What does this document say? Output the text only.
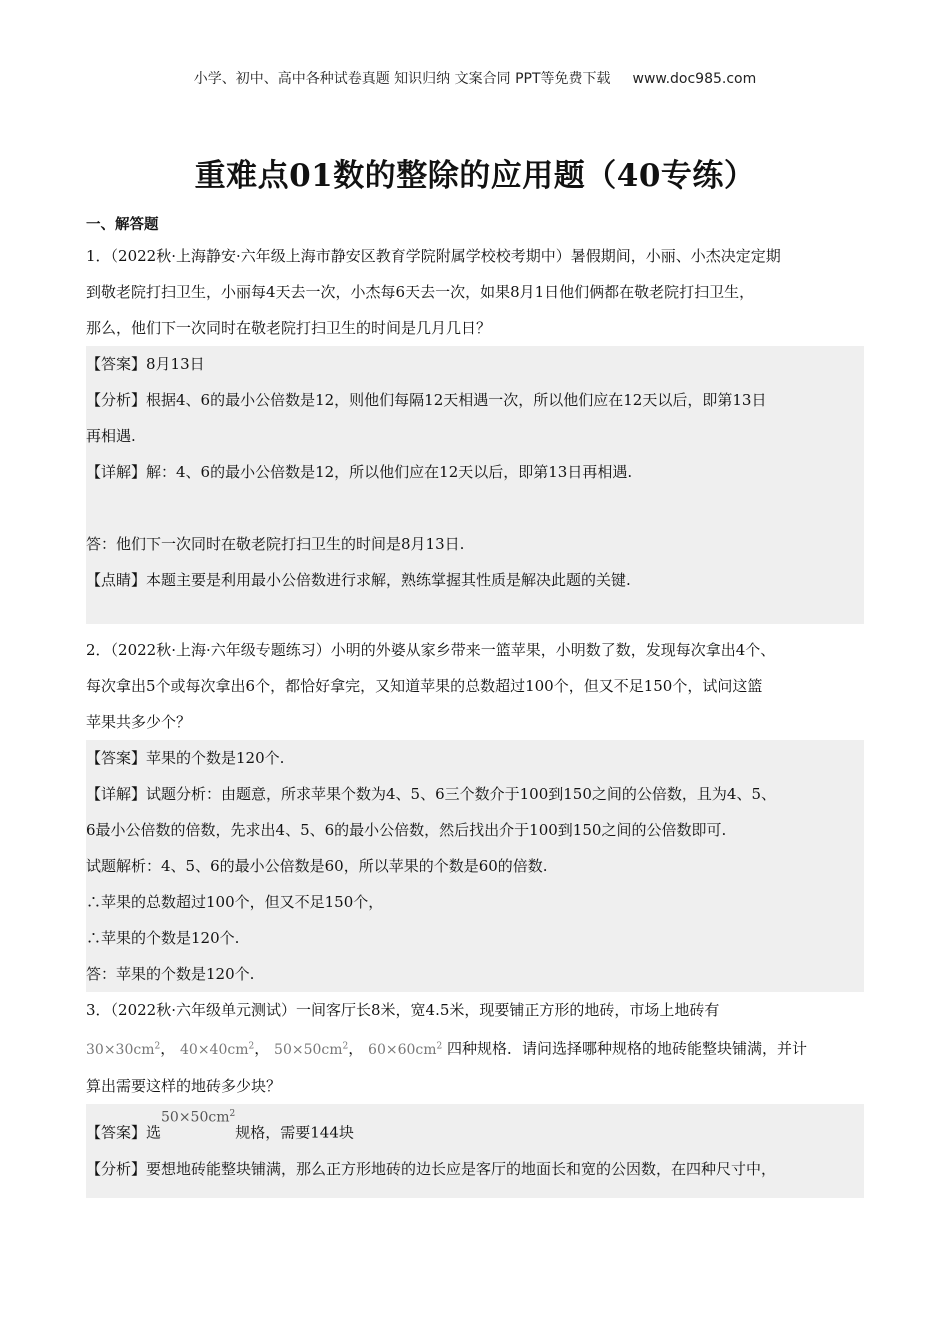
小学、初中、高中各种试卷真题 知识归纳 文案合同 PPT等免费下载 www.doc985.com
重难点01数的整除的应用题（40专练）

一、解答题

1．（2022秋·上海静安·六年级上海市静安区教育学院附属学校校考期中）暑假期间，小丽、小杰决定定期

到敬老院打扫卫生，小丽每4天去一次，小杰每6天去一次，如果8月1日他们俩都在敬老院打扫卫生，

那么，他们下一次同时在敬老院打扫卫生的时间是几月几日？

【答案】8月13日

【分析】根据4、6的最小公倍数是12，则他们每隔12天相遇一次，所以他们应在12天以后，即第13日

再相遇.

【详解】解：4、6的最小公倍数是12，所以他们应在12天以后，即第13日再相遇.

答：他们下一次同时在敬老院打扫卫生的时间是8月13日.

【点睛】本题主要是利用最小公倍数进行求解，熟练掌握其性质是解决此题的关键.

2．（2022秋·上海·六年级专题练习）小明的外婆从家乡带来一篮苹果，小明数了数，发现每次拿出4个、

每次拿出5个或每次拿出6个，都恰好拿完，又知道苹果的总数超过100个，但又不足150个，试问这篮

苹果共多少个？

【答案】苹果的个数是120个.

【详解】试题分析：由题意，所求苹果个数为4、5、6三个数介于100到150之间的公倍数，且为4、5、

6最小公倍数的倍数，先求出4、5、6的最小公倍数，然后找出介于100到150之间的公倍数即可.

试题解析：4、5、6的最小公倍数是60，所以苹果的个数是60的倍数.

∴苹果的总数超过100个，但又不足150个，

∴苹果的个数是120个.

答：苹果的个数是120个.

3．（2022秋·六年级单元测试）一间客厅长8米，宽4.5米，现要铺正方形的地砖，市场上地砖有

$30\times 30cm^2$， $40\times 40cm^2$， $50\times 50cm^2$， $60\times 60cm^2$ 四种规格．请问选择哪种规格的地砖能整块铺满，并计

算出需要这样的地砖多少块？

【答案】选$50\times 50cm^2$规格，需要144块

【分析】要想地砖能整块铺满，那么正方形地砖的边长应是客厅的地面长和宽的公因数，在四种尺寸中，
